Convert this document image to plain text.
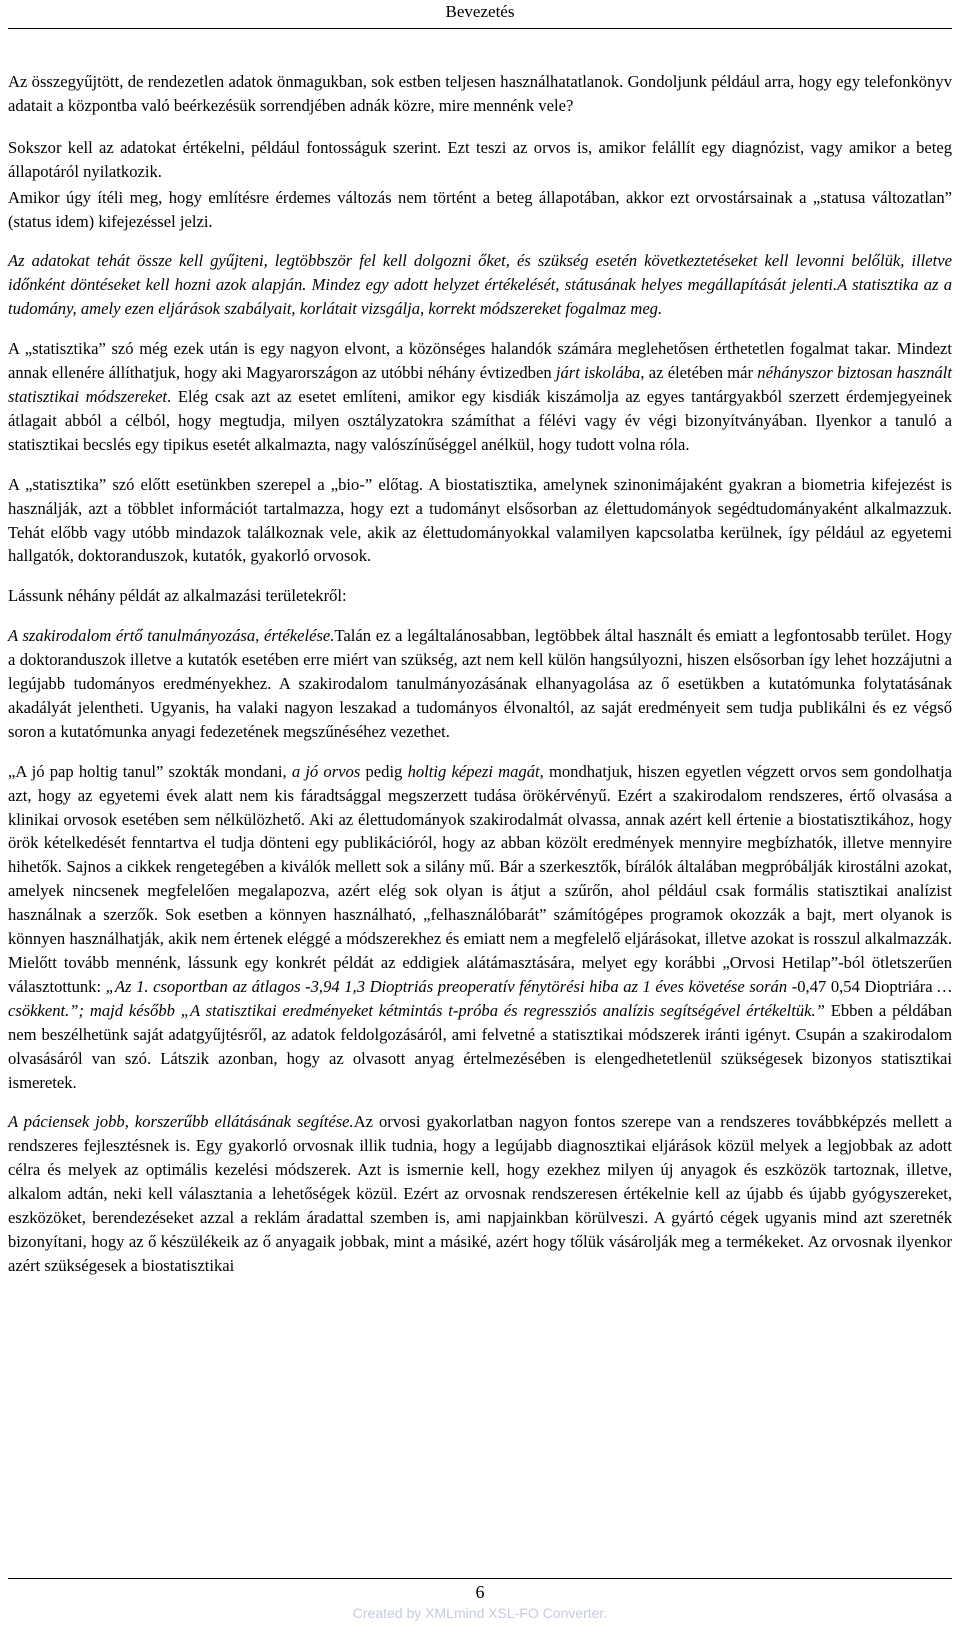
Bevezetés

Az összegyűjtött, de rendezetlen adatok önmagukban, sok estben teljesen használhatatlanok. Gondoljunk például arra, hogy egy telefonkönyv adatait a központba való beérkezésük sorrendjében adnák közre, mire mennénk vele?

Sokszor kell az adatokat értékelni, például fontosságuk szerint. Ezt teszi az orvos is, amikor felállít egy diagnózist, vagy amikor a beteg állapotáról nyilatkozik.

Amikor úgy ítéli meg, hogy említésre érdemes változás nem történt a beteg állapotában, akkor ezt orvostársainak a „statusa változatlan” (status idem) kifejezéssel jelzi.

Az adatokat tehát össze kell gyűjteni, legtöbbször fel kell dolgozni őket, és szükség esetén következtetéseket kell levonni belőlük, illetve időnként döntéseket kell hozni azok alapján. Mindez egy adott helyzet értékelését, státusának helyes megállapítását jelenti.A statisztika az a tudomány, amely ezen eljárások szabályait, korlátait vizsgálja, korrekt módszereket fogalmaz meg.

A „statisztika” szó még ezek után is egy nagyon elvont, a közönséges halandók számára meglehetősen érthetetlen fogalmat takar. Mindezt annak ellenére állíthatjuk, hogy aki Magyarországon az utóbbi néhány évtizedben járt iskolába, az életében már néhányszor biztosan használt statisztikai módszereket. Elég csak azt az esetet említeni, amikor egy kisdiák kiszámolja az egyes tantárgyakból szerzett érdemjegyeinek átlagait abból a célból, hogy megtudja, milyen osztályzatokra számíthat a félévi vagy év végi bizonyítványában. Ilyenkor a tanuló a statisztikai becslés egy tipikus esetét alkalmazta, nagy valószínűséggel anélkül, hogy tudott volna róla.

A „statisztika” szó előtt esetünkben szerepel a „bio-” előtag. A biostatisztika, amelynek szinonimájaként gyakran a biometria kifejezést is használják, azt a többlet információt tartalmazza, hogy ezt a tudományt elsősorban az élettudományok segédtudományaként alkalmazzuk. Tehát előbb vagy utóbb mindazok találkoznak vele, akik az élettudományokkal valamilyen kapcsolatba kerülnek, így például az egyetemi hallgatók, doktoranduszok, kutatók, gyakorló orvosok.

Lássunk néhány példát az alkalmazási területekről:

A szakirodalom értő tanulmányozása, értékelése.Talán ez a legáltalánosabban, legtöbbek által használt és emiatt a legfontosabb terület. Hogy a doktoranduszok illetve a kutatók esetében erre miért van szükség, azt nem kell külön hangsúlyozni, hiszen elsősorban így lehet hozzájutni a legújabb tudományos eredményekhez. A szakirodalom tanulmányozásának elhanyagolása az ő esetükben a kutatómunka folytatásának akadályát jelentheti. Ugyanis, ha valaki nagyon leszakad a tudományos élvonaltól, az saját eredményeit sem tudja publikálni és ez végső soron a kutatómunka anyagi fedezetének megszűnéséhez vezethet.

„A jó pap holtig tanul” szokták mondani, a jó orvos pedig holtig képezi magát, mondhatjuk, hiszen egyetlen végzett orvos sem gondolhatja azt, hogy az egyetemi évek alatt nem kis fáradtsággal megszerzett tudása örökérvényű. Ezért a szakirodalom rendszeres, értő olvasása a klinikai orvosok esetében sem nélkülözhető. Aki az élettudományok szakirodalmát olvassa, annak azért kell értenie a biostatisztikához, hogy örök kételkedését fenntartva el tudja dönteni egy publikációról, hogy az abban közölt eredmények mennyire megbízhatók, illetve mennyire hihetők. Sajnos a cikkek rengetegében a kiválók mellett sok a silány mű. Bár a szerkesztők, bírálók általában megpróbálják kirostálni azokat, amelyek nincsenek megfelelően megalapozva, azért elég sok olyan is átjut a szűrőn, ahol például csak formális statisztikai analízist használnak a szerzők. Sok esetben a könnyen használható, „felhasználóbarát” számítógépes programok okozzák a bajt, mert olyanok is könnyen használhatják, akik nem értenek eléggé a módszerekhez és emiatt nem a megfelelő eljárásokat, illetve azokat is rosszul alkalmazzák. Mielőtt tovább mennénk, lássunk egy konkrét példát az eddigiek alátámasztására, melyet egy korábbi „Orvosi Hetilap”-ból ötletszerűen választottunk: „Az 1. csoportban az átlagos -3,94 1,3 Dioptriás preoperatív fénytörési hiba az 1 éves követése során -0,47 0,54 Dioptriára … csökkent.”; majd később „A statisztikai eredményeket kétmintás t-próba és regressziós analízis segítségével értékeltük.” Ebben a példában nem beszélhetünk saját adatgyűjtésről, az adatok feldolgozásáról, ami felvetné a statisztikai módszerek iránti igényt. Csupán a szakirodalom olvasásáról van szó. Látszik azonban, hogy az olvasott anyag értelmezésében is elengedhetetlenül szükségesek bizonyos statisztikai ismeretek.

A páciensek jobb, korszerűbb ellátásának segítése.Az orvosi gyakorlatban nagyon fontos szerepe van a rendszeres továbbképzés mellett a rendszeres fejlesztésnek is. Egy gyakorló orvosnak illik tudnia, hogy a legújabb diagnosztikai eljárások közül melyek a legjobbak az adott célra és melyek az optimális kezelési módszerek. Azt is ismernie kell, hogy ezekhez milyen új anyagok és eszközök tartoznak, illetve, alkalom adtán, neki kell választania a lehetőségek közül. Ezért az orvosnak rendszeresen értékelnie kell az újabb és újabb gyógyszereket, eszközöket, berendezéseket azzal a reklám áradattal szemben is, ami napjainkban körülveszi. A gyártó cégek ugyanis mind azt szeretnék bizonyítani, hogy az ő készülékeik az ő anyagaik jobbak, mint a másiké, azért hogy tőlük vásárolják meg a termékeket. Az orvosnak ilyenkor azért szükségesek a biostatisztikai

6
Created by XMLmind XSL-FO Converter.
